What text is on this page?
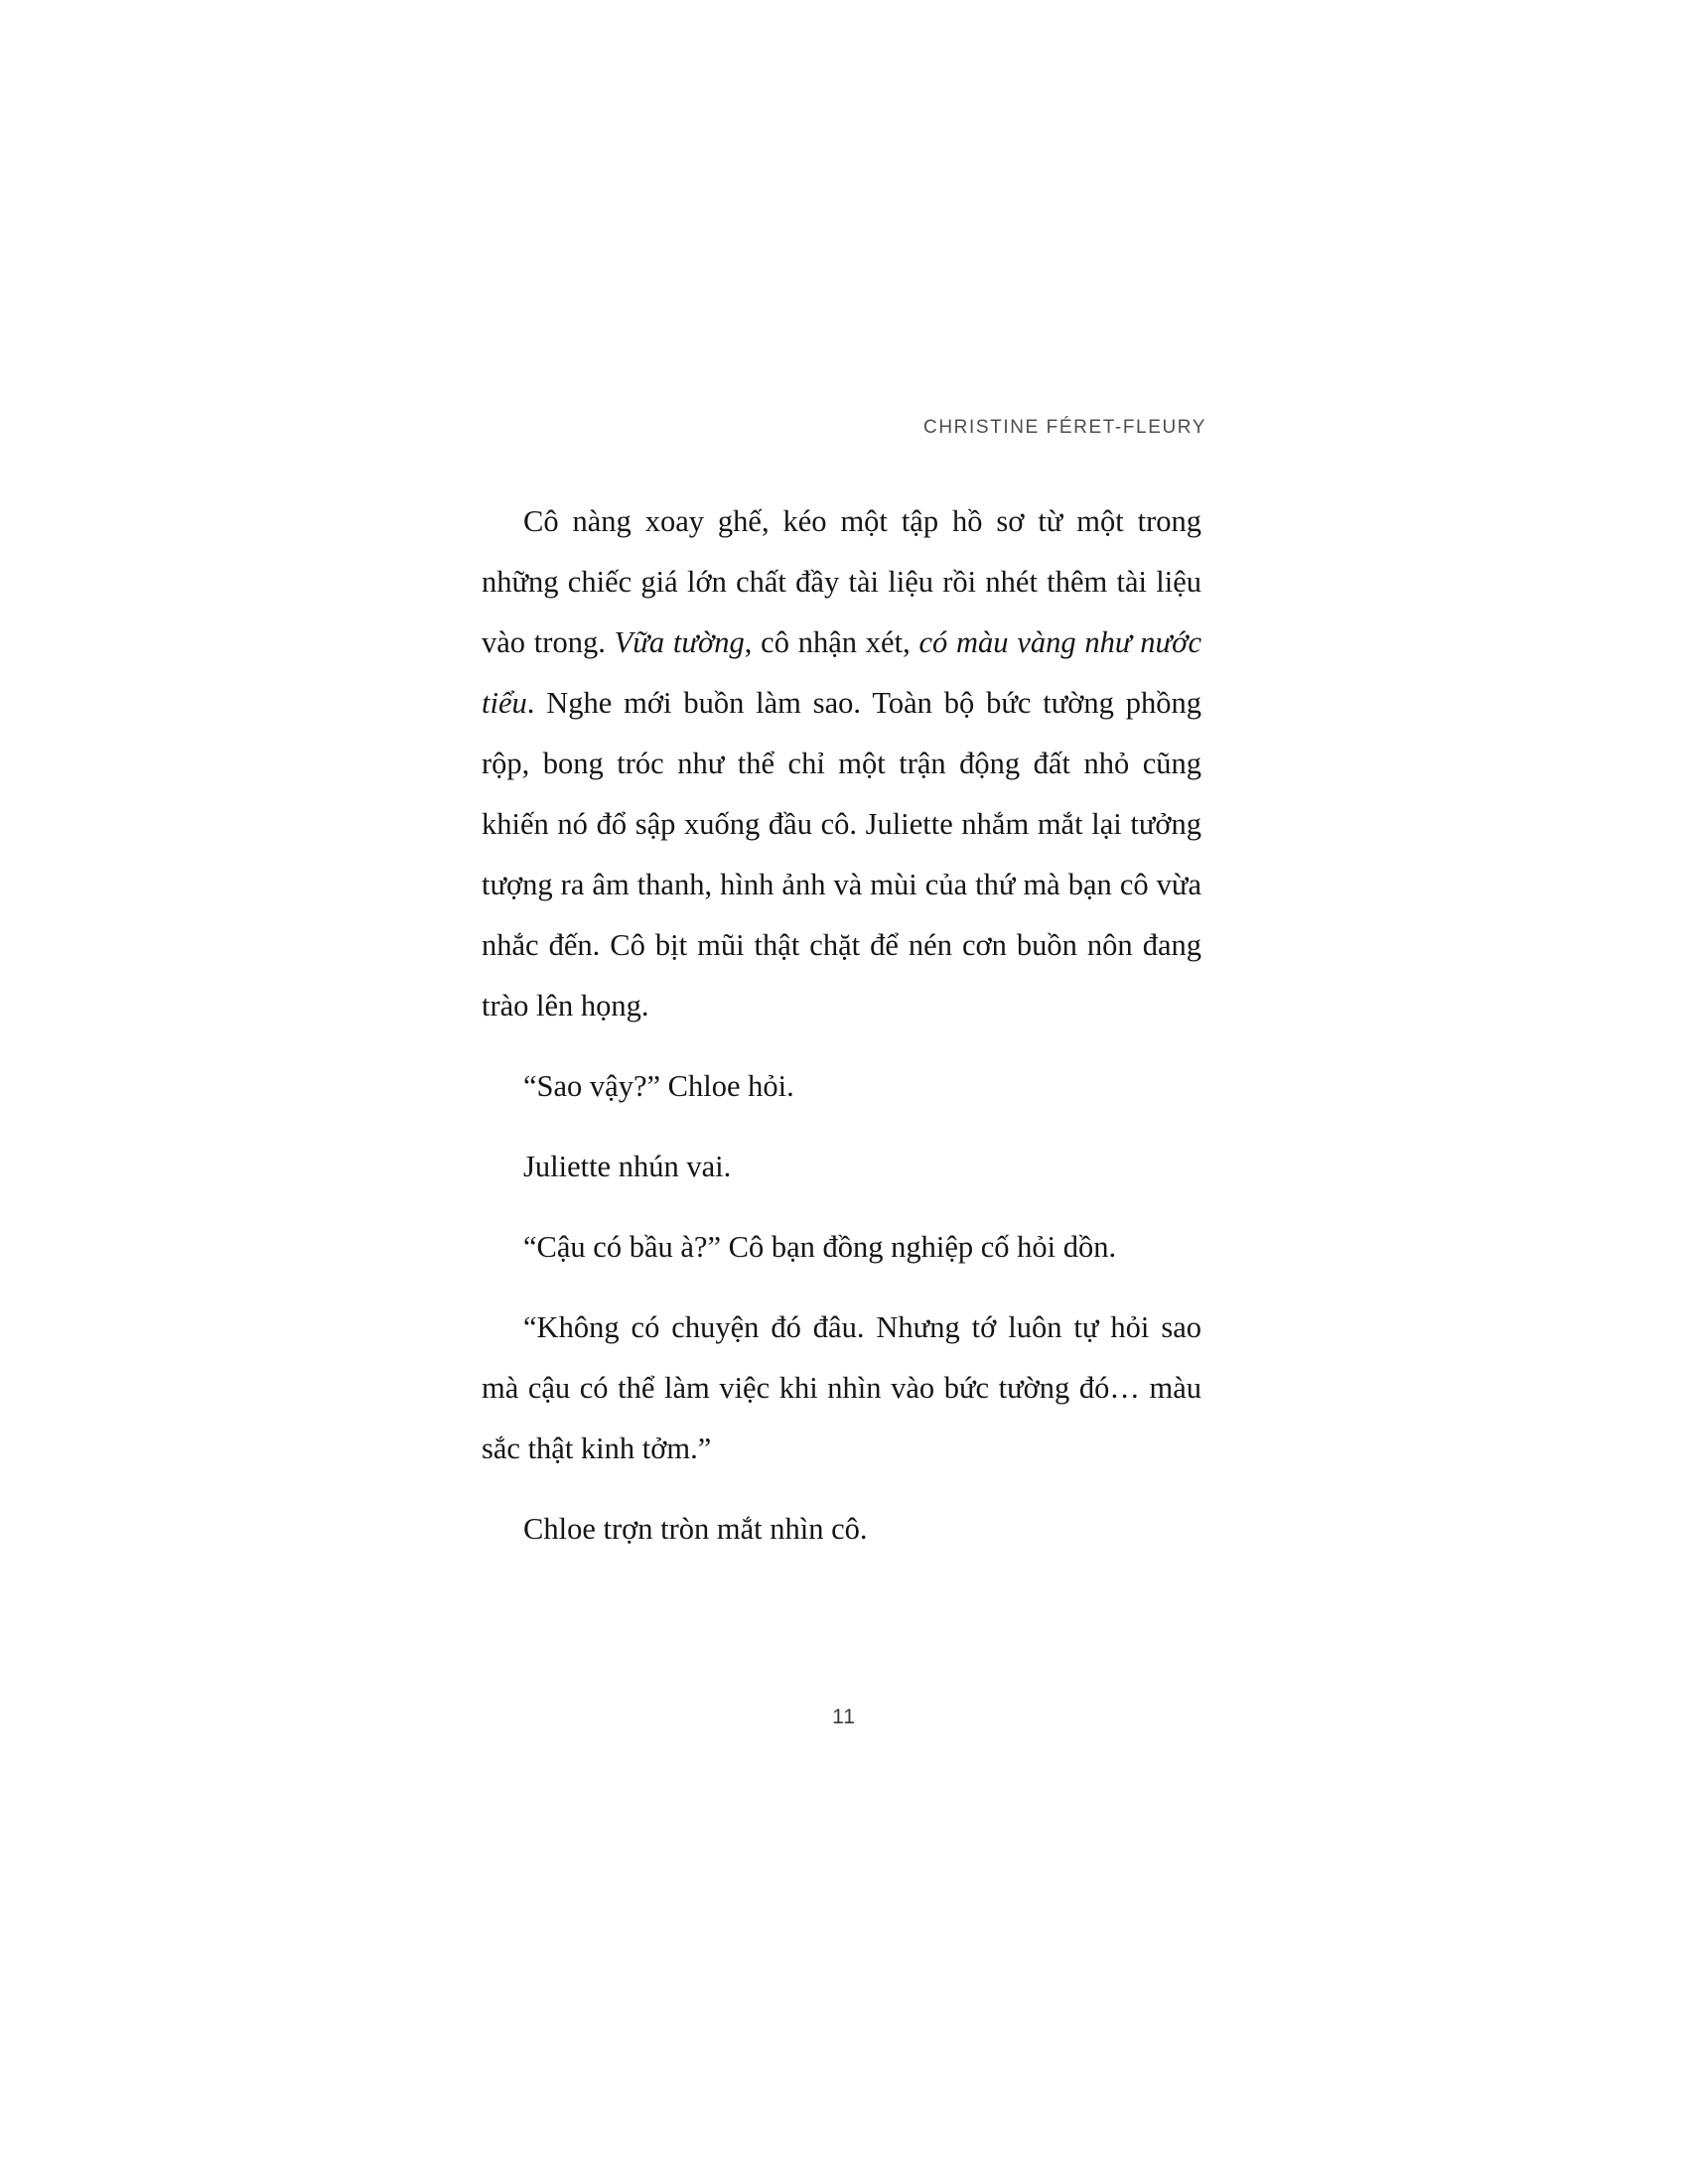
CHRISTINE FÉRET-FLEURY

Cô nàng xoay ghế, kéo một tập hồ sơ từ một trong những chiếc giá lớn chất đầy tài liệu rồi nhét thêm tài liệu vào trong. Vữa tường, cô nhận xét, có màu vàng như nước tiểu. Nghe mới buồn làm sao. Toàn bộ bức tường phồng rộp, bong tróc như thể chỉ một trận động đất nhỏ cũng khiến nó đổ sập xuống đầu cô. Juliette nhắm mắt lại tưởng tượng ra âm thanh, hình ảnh và mùi của thứ mà bạn cô vừa nhắc đến. Cô bịt mũi thật chặt để nén cơn buồn nôn đang trào lên họng.

“Sao vậy?” Chloe hỏi.

Juliette nhún vai.

“Cậu có bầu à?” Cô bạn đồng nghiệp cố hỏi dồn.

“Không có chuyện đó đâu. Nhưng tớ luôn tự hỏi sao mà cậu có thể làm việc khi nhìn vào bức tường đó… màu sắc thật kinh tởm.”

Chloe trợn tròn mắt nhìn cô.

11
